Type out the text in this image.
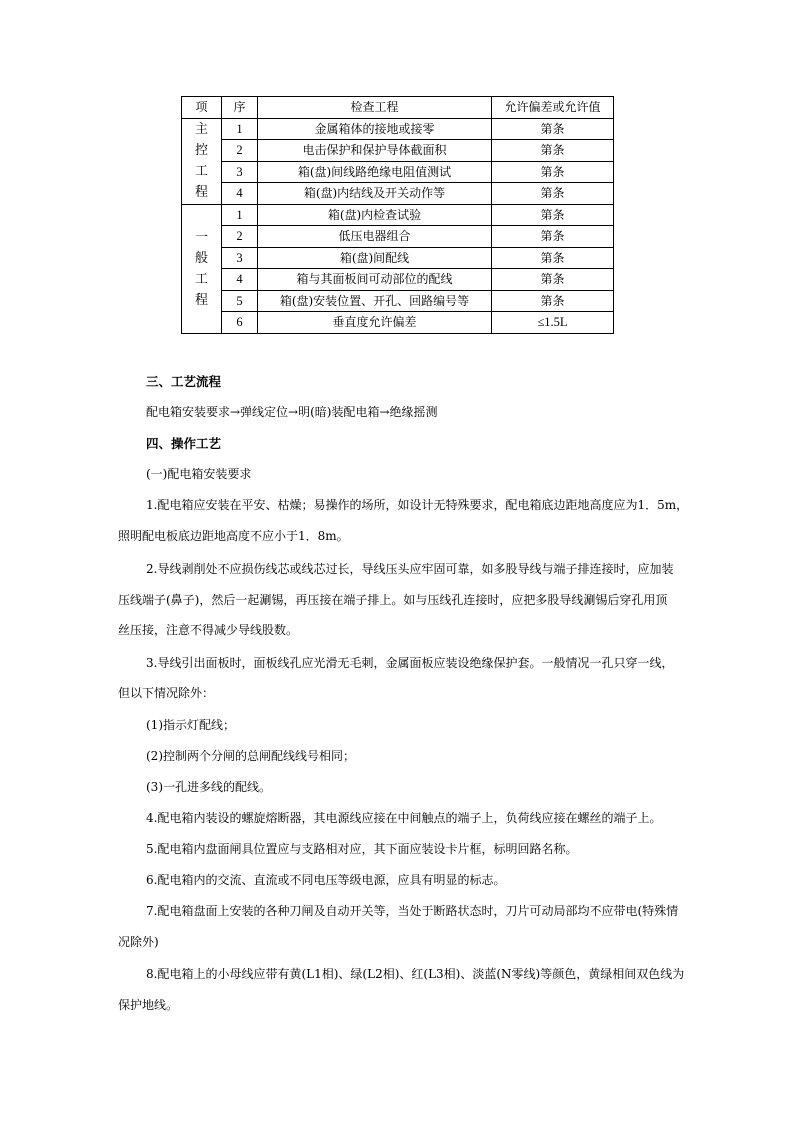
项	序	检查工程	允许偏差或允许值

主
控
工
程	1	金属箱体的接地或接零	第条
	2	电击保护和保护导体截面积	第条
	3	箱(盘)间线路绝缘电阻值测试	第条
	4	箱(盘)内结线及开关动作等	第条

一
般
工
程	1	箱(盘)内检查试验	第条
	2	低压电器组合	第条
	3	箱(盘)间配线	第条
	4	箱与其面板间可动部位的配线	第条
	5	箱(盘)安装位置、开孔、回路编号等	第条
	6	垂直度允许偏差	≤1.5L
三、工艺流程
配电箱安装要求→弹线定位→明(暗)装配电箱→绝缘摇测
四、操作工艺
(一)配电箱安装要求
1.配电箱应安装在平安、枯燥；易操作的场所，如设计无特殊要求，配电箱底边距地高度应为1．5m，
照明配电板底边距地高度不应小于1．8m。
2.导线剥削处不应损伤线芯或线芯过长，导线压头应牢固可靠，如多股导线与端子排连接时，应加装
压线端子(鼻子)，然后一起涮锡，再压接在端子排上。如与压线孔连接时，应把多股导线涮锡后穿孔用顶
丝压接，注意不得减少导线股数。
3.导线引出面板时，面板线孔应光滑无毛刺，金属面板应装设绝缘保护套。一般情况一孔只穿一线，
但以下情况除外：
(1)指示灯配线；
(2)控制两个分闸的总闸配线线号相同；
(3)一孔进多线的配线。
4.配电箱内装设的螺旋熔断器，其电源线应接在中间触点的端子上，负荷线应接在螺丝的端子上。
5.配电箱内盘面闸具位置应与支路相对应，其下面应装设卡片框，标明回路名称。
6.配电箱内的交流、直流或不同电压等级电源，应具有明显的标志。
7.配电箱盘面上安装的各种刀闸及自动开关等，当处于断路状态时，刀片可动局部均不应带电(特殊情
况除外)
8.配电箱上的小母线应带有黄(L1相)、绿(L2相)、红(L3相)、淡蓝(N零线)等颜色，黄绿相间双色线为
保护地线。
